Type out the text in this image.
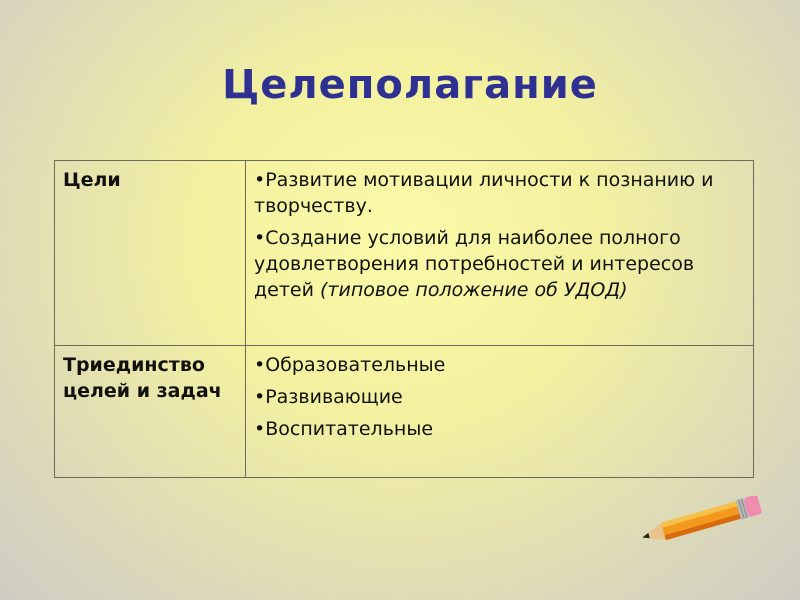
Целеполагание
Цели	•Развитие мотивации личности к познанию и творчеству.
•Создание условий для наиболее полного удовлетворения потребностей и интересов детей (типовое положение об УДОД)

Триединство целей и задач	•Образовательные
•Развивающие
•Воспитательные
